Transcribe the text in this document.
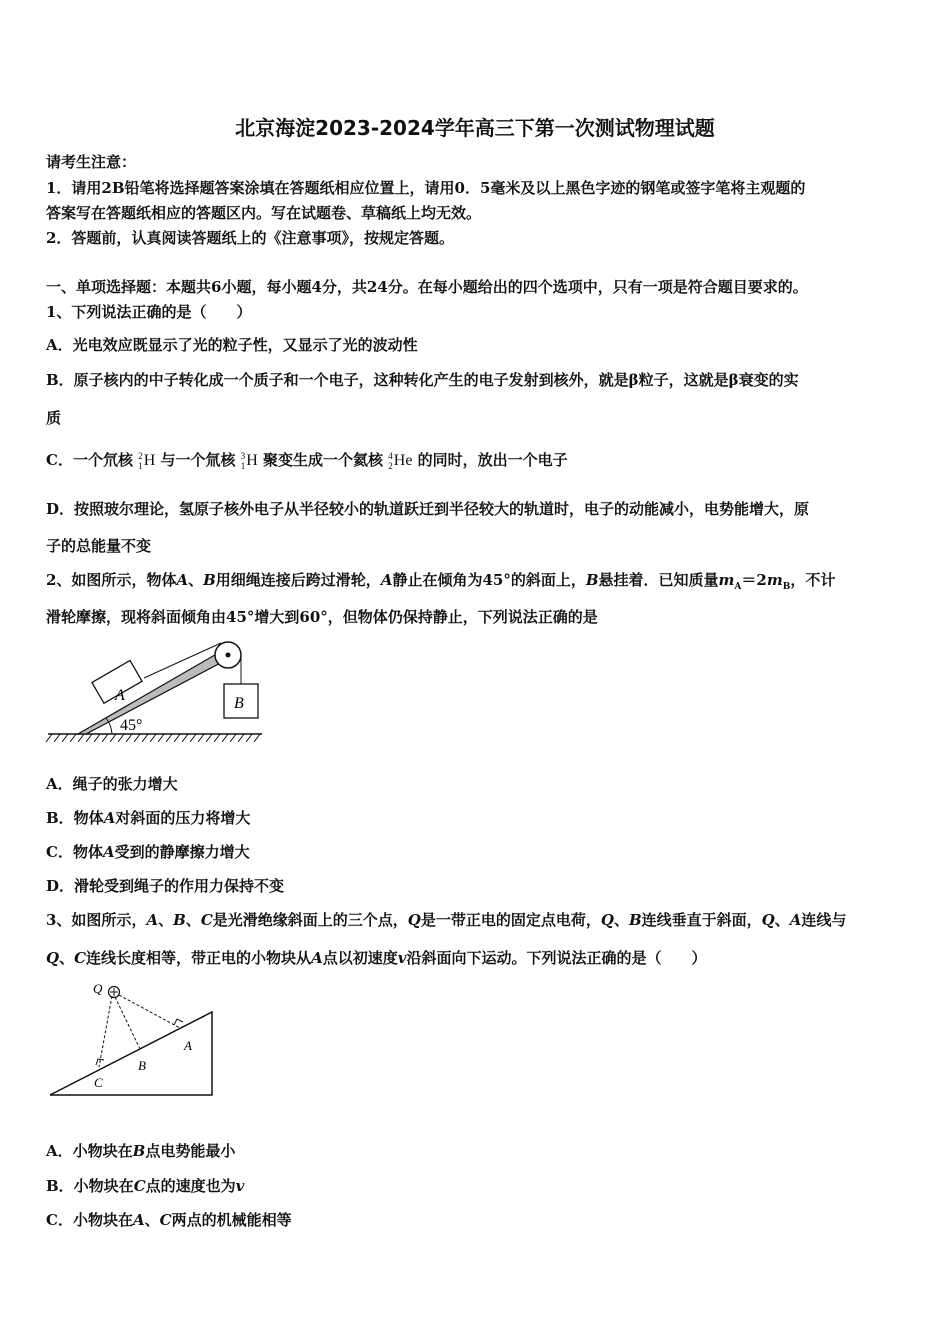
北京海淀2023-2024学年高三下第一次测试物理试题
请考生注意：
1．请用2B铅笔将选择题答案涂填在答题纸相应位置上，请用0．5毫米及以上黑色字迹的钢笔或签字笔将主观题的
答案写在答题纸相应的答题区内。写在试题卷、草稿纸上均无效。
2．答题前，认真阅读答题纸上的《注意事项》，按规定答题。
一、单项选择题：本题共6小题，每小题4分，共24分。在每小题给出的四个选项中，只有一项是符合题目要求的。
1、下列说法正确的是（　　）
A．光电效应既显示了光的粒子性，又显示了光的波动性
B．原子核内的中子转化成一个质子和一个电子，这种转化产生的电子发射到核外，就是β粒子，这就是β衰变的实
质
C．一个氘核 2
1 H 与一个氚核 3
1 H 聚变生成一个氦核 4
2 He 的同时，放出一个电子
D．按照玻尔理论，氢原子核外电子从半径较小的轨道跃迁到半径较大的轨道时，电子的动能减小，电势能增大，原
子的总能量不变
2、如图所示，物体A、B用细绳连接后跨过滑轮，A静止在倾角为45°的斜面上，B悬挂着．已知质量$m_A=2m_B$，不计
滑轮摩擦，现将斜面倾角由45°增大到60°，但物体仍保持静止，下列说法正确的是
A	B
45°
A．绳子的张力增大
B．物体A对斜面的压力将增大
C．物体A受到的静摩擦力增大
D．滑轮受到绳子的作用力保持不变
3、如图所示，A、B、C是光滑绝缘斜面上的三个点，Q是一带正电的固定点电荷，Q、B连线垂直于斜面，Q、A连线与
Q、C连线长度相等，带正电的小物块从A点以初速度v沿斜面向下运动。下列说法正确的是（　　）
Q
A
B
C
A．小物块在B点电势能最小
B．小物块在C点的速度也为v
C．小物块在A、C两点的机械能相等
